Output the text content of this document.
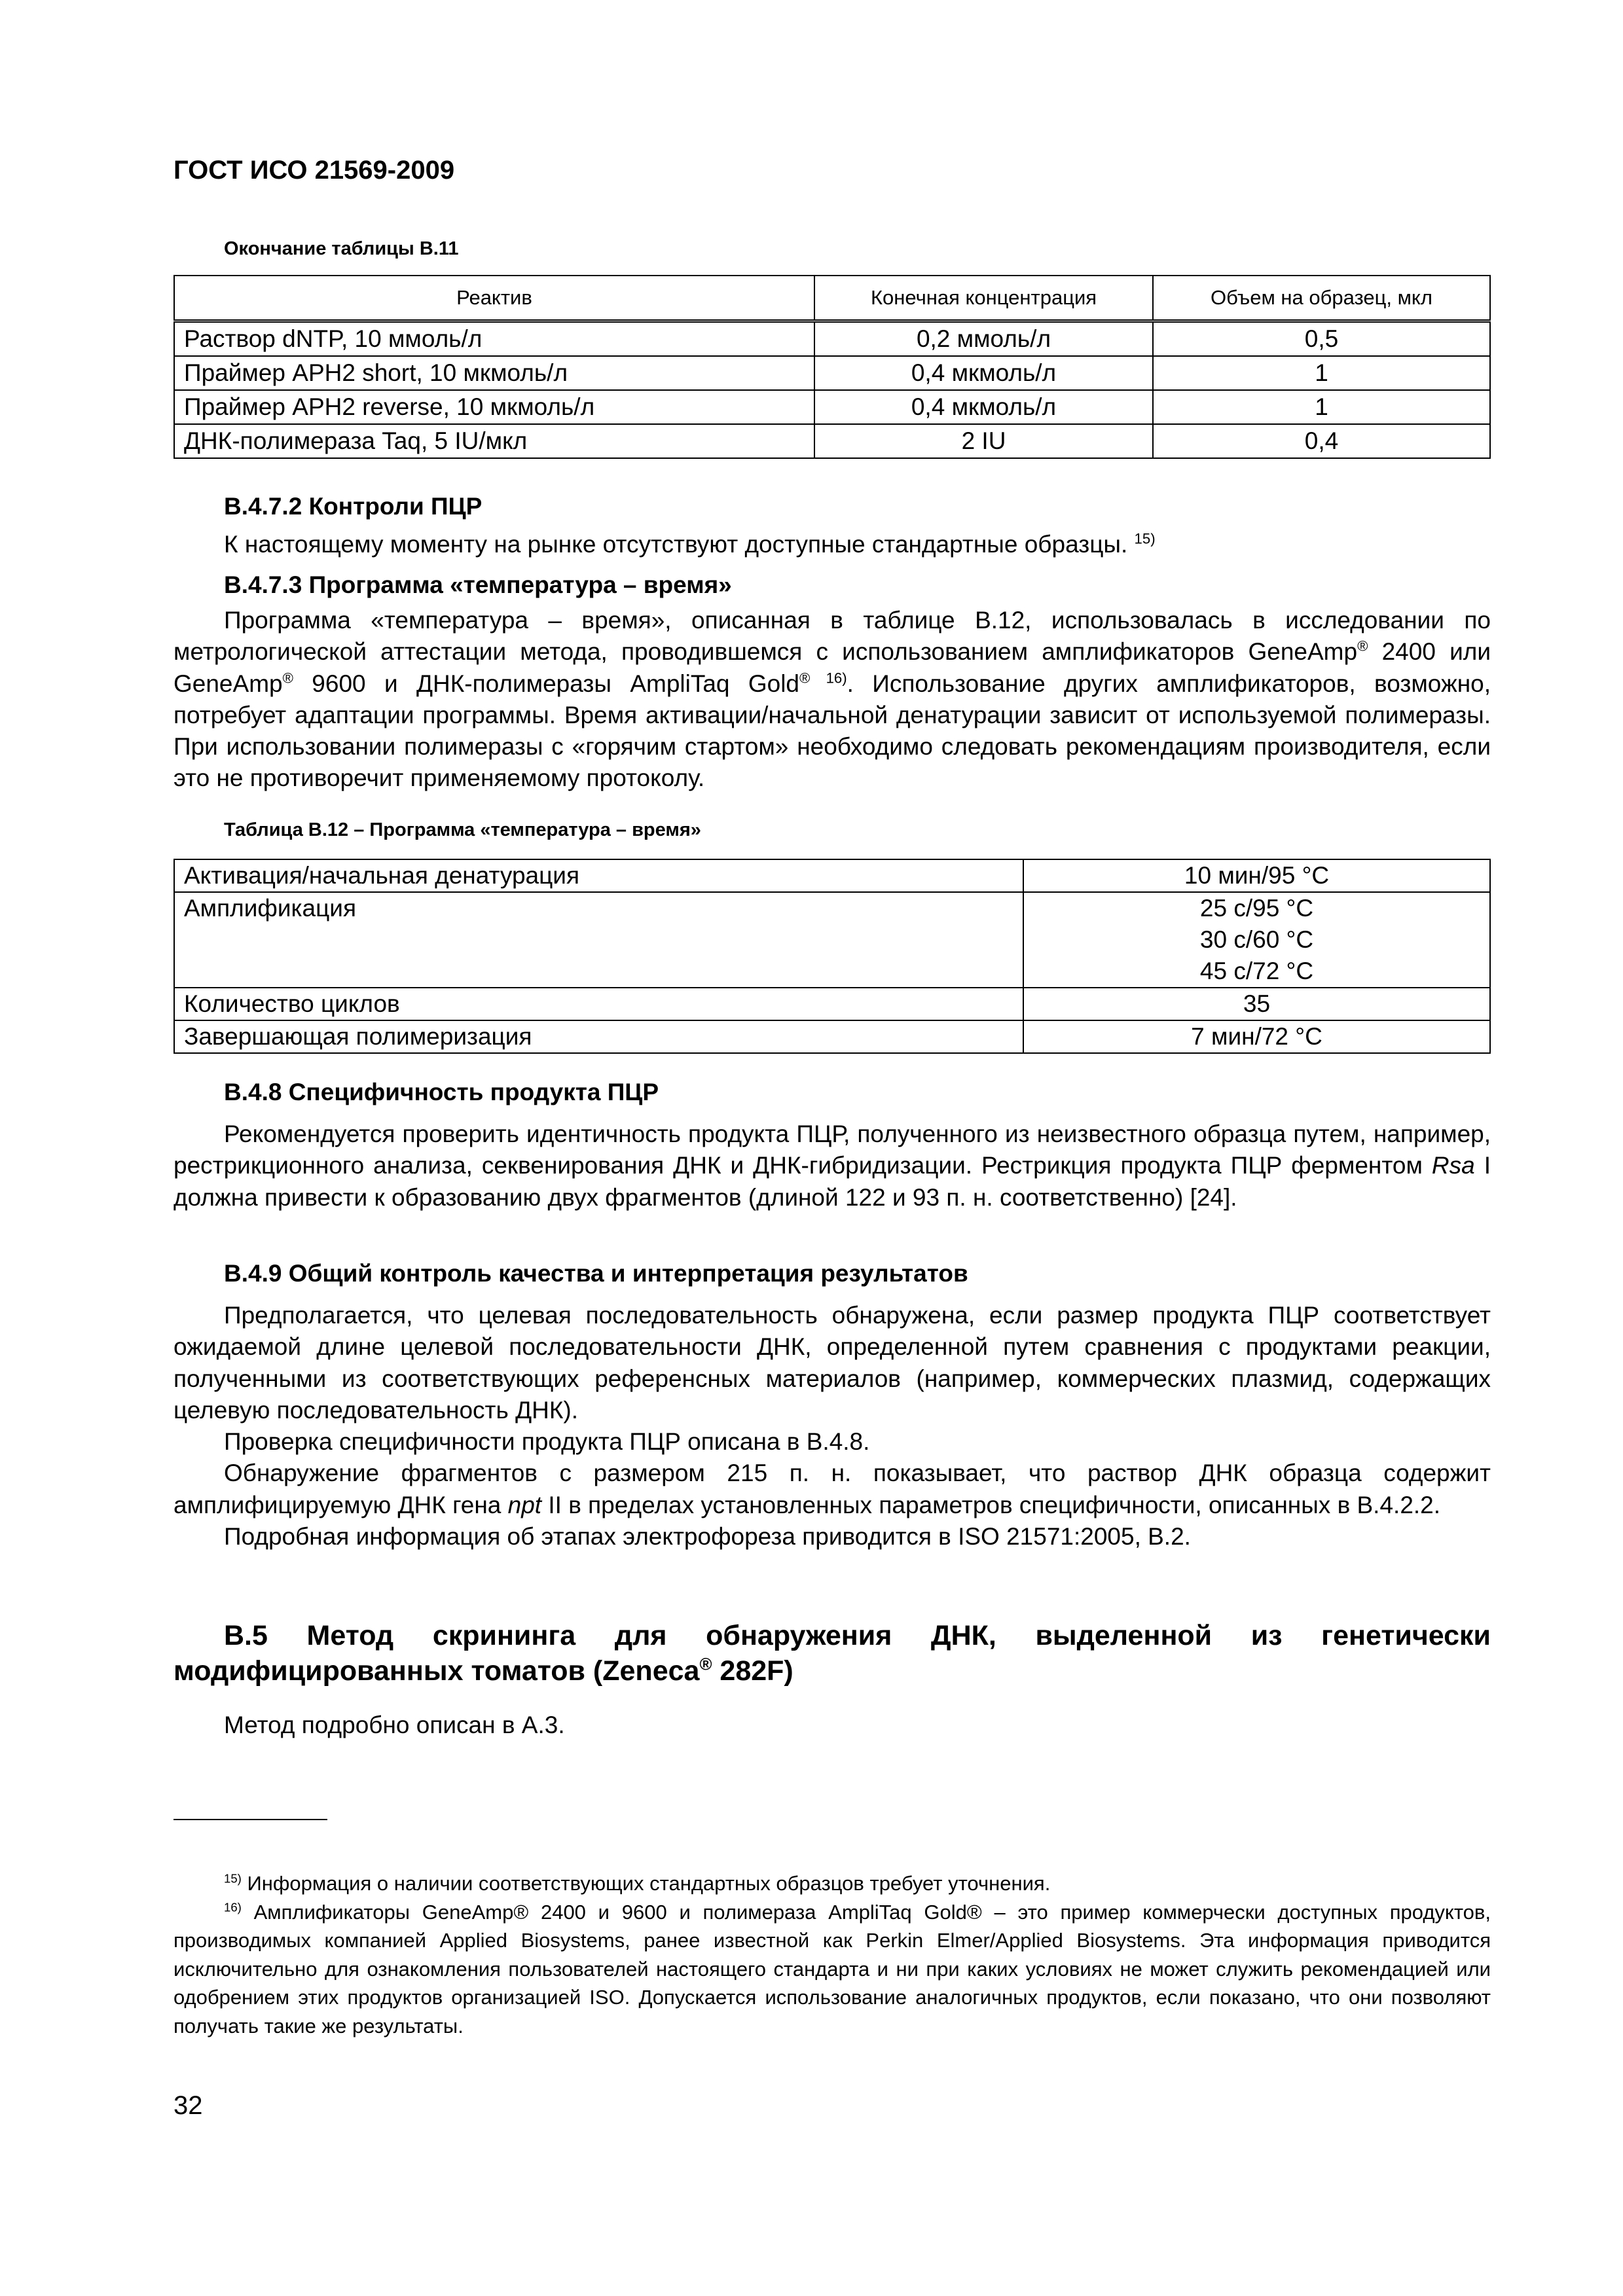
ГОСТ ИСО 21569-2009
Окончание таблицы В.11
Реактив	Конечная концентрация	Объем на образец, мкл
Раствор dNTP, 10 ммоль/л	0,2 ммоль/л	0,5
Праймер APH2 short, 10 мкмоль/л	0,4 мкмоль/л	1
Праймер APH2 reverse, 10 мкмоль/л	0,4 мкмоль/л	1
ДНК-полимераза Taq, 5 IU/мкл	2 IU	0,4

В.4.7.2 Контроли ПЦР

К настоящему моменту на рынке отсутствуют доступные стандартные образцы. $^{15)}$

В.4.7.3 Программа «температура – время»

Программа «температура – время», описанная в таблице В.12, использовалась в исследовании по метрологической аттестации метода, проводившемся с использованием амплификаторов GeneAmp® 2400 или GeneAmp® 9600 и ДНК-полимеразы AmpliTaq Gold® $^{16)}$. Использование других амплификаторов, возможно, потребует адаптации программы. Время активации/начальной денатурации зависит от используемой полимеразы. При использовании полимеразы с «горячим стартом» необходимо следовать рекомендациям производителя, если это не противоречит применяемому протоколу.

Таблица В.12 – Программа «температура – время»
Активация/начальная денатурация	10 мин/95 °С
Амплификация	25 с/95 °С
30 с/60 °С
45 с/72 °С

Количество циклов	35
Завершающая полимеризация	7 мин/72 °С

В.4.8 Специфичность продукта ПЦР

Рекомендуется проверить идентичность продукта ПЦР, полученного из неизвестного образца путем, например, рестрикционного анализа, секвенирования ДНК и ДНК-гибридизации. Рестрикция продукта ПЦР ферментом Rsa I должна привести к образованию двух фрагментов (длиной 122 и 93 п. н. соответственно) [24].

В.4.9 Общий контроль качества и интерпретация результатов

Предполагается, что целевая последовательность обнаружена, если размер продукта ПЦР соответствует ожидаемой длине целевой последовательности ДНК, определенной путем сравнения с продуктами реакции, полученными из соответствующих референсных материалов (например, коммерческих плазмид, содержащих целевую последовательность ДНК).

Проверка специфичности продукта ПЦР описана в В.4.8.

Обнаружение фрагментов с размером 215 п. н. показывает, что раствор ДНК образца содержит амплифицируемую ДНК гена npt II в пределах установленных параметров специфичности, описанных в В.4.2.2.

Подробная информация об этапах электрофореза приводится в ISO 21571:2005, В.2.

В.5 Метод скрининга для обнаружения ДНК, выделенной из генетически модифицированных томатов (Zeneca® 282F)

Метод подробно описан в А.3.

$^{15)}$ Информация о наличии соответствующих стандартных образцов требует уточнения.

$^{16)}$ Амплификаторы GeneAmp® 2400 и 9600 и полимераза AmpliTaq Gold® – это пример коммерчески доступных продуктов, производимых компанией Applied Biosystems, ранее известной как Perkin Elmer/Applied Biosystems. Эта информация приводится исключительно для ознакомления пользователей настоящего стандарта и ни при каких условиях не может служить рекомендацией или одобрением этих продуктов организацией ISO. Допускается использование аналогичных продуктов, если показано, что они позволяют получать такие же результаты.

32
